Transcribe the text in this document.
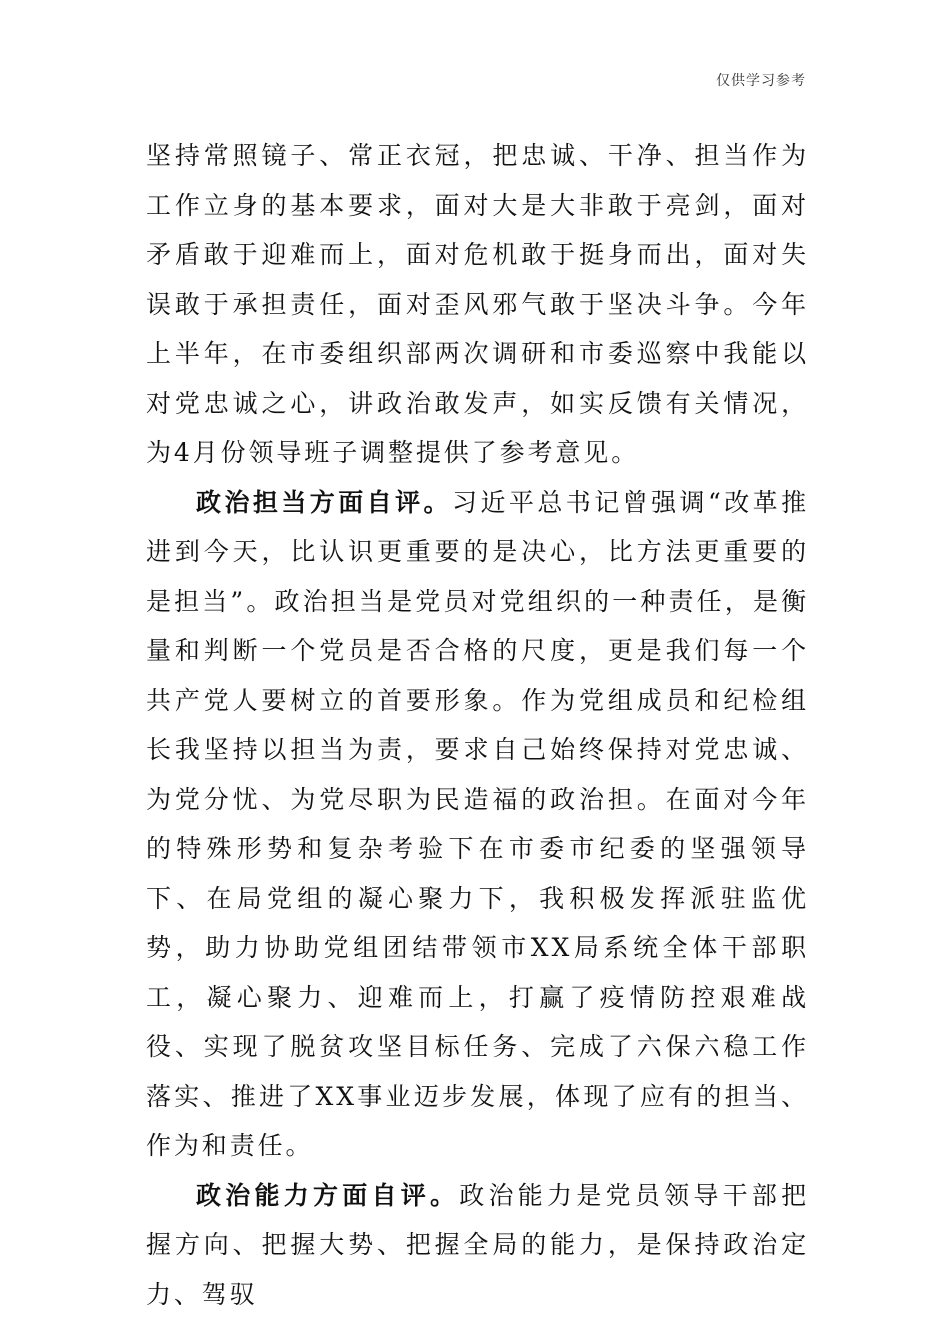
仅供学习参考

坚持常照镜子、常正衣冠，把忠诚、干净、担当作为工作立身的基本要求，面对大是大非敢于亮剑，面对矛盾敢于迎难而上，面对危机敢于挺身而出，面对失误敢于承担责任，面对歪风邪气敢于坚决斗争。今年上半年，在市委组织部两次调研和市委巡察中我能以对党忠诚之心，讲政治敢发声，如实反馈有关情况，为4月份领导班子调整提供了参考意见。

政治担当方面自评。习近平总书记曾强调“改革推进到今天，比认识更重要的是决心，比方法更重要的是担当”。政治担当是党员对党组织的一种责任，是衡量和判断一个党员是否合格的尺度，更是我们每一个共产党人要树立的首要形象。作为党组成员和纪检组长我坚持以担当为责，要求自己始终保持对党忠诚、为党分忧、为党尽职为民造福的政治担。在面对今年的特殊形势和复杂考验下在市委市纪委的坚强领导下、在局党组的凝心聚力下，我积极发挥派驻监优势，助力协助党组团结带领市XX局系统全体干部职工，凝心聚力、迎难而上，打赢了疫情防控艰难战役、实现了脱贫攻坚目标任务、完成了六保六稳工作落实、推进了XX事业迈步发展，体现了应有的担当、作为和责任。

政治能力方面自评。政治能力是党员领导干部把握方向、把握大势、把握全局的能力，是保持政治定力、驾驭
